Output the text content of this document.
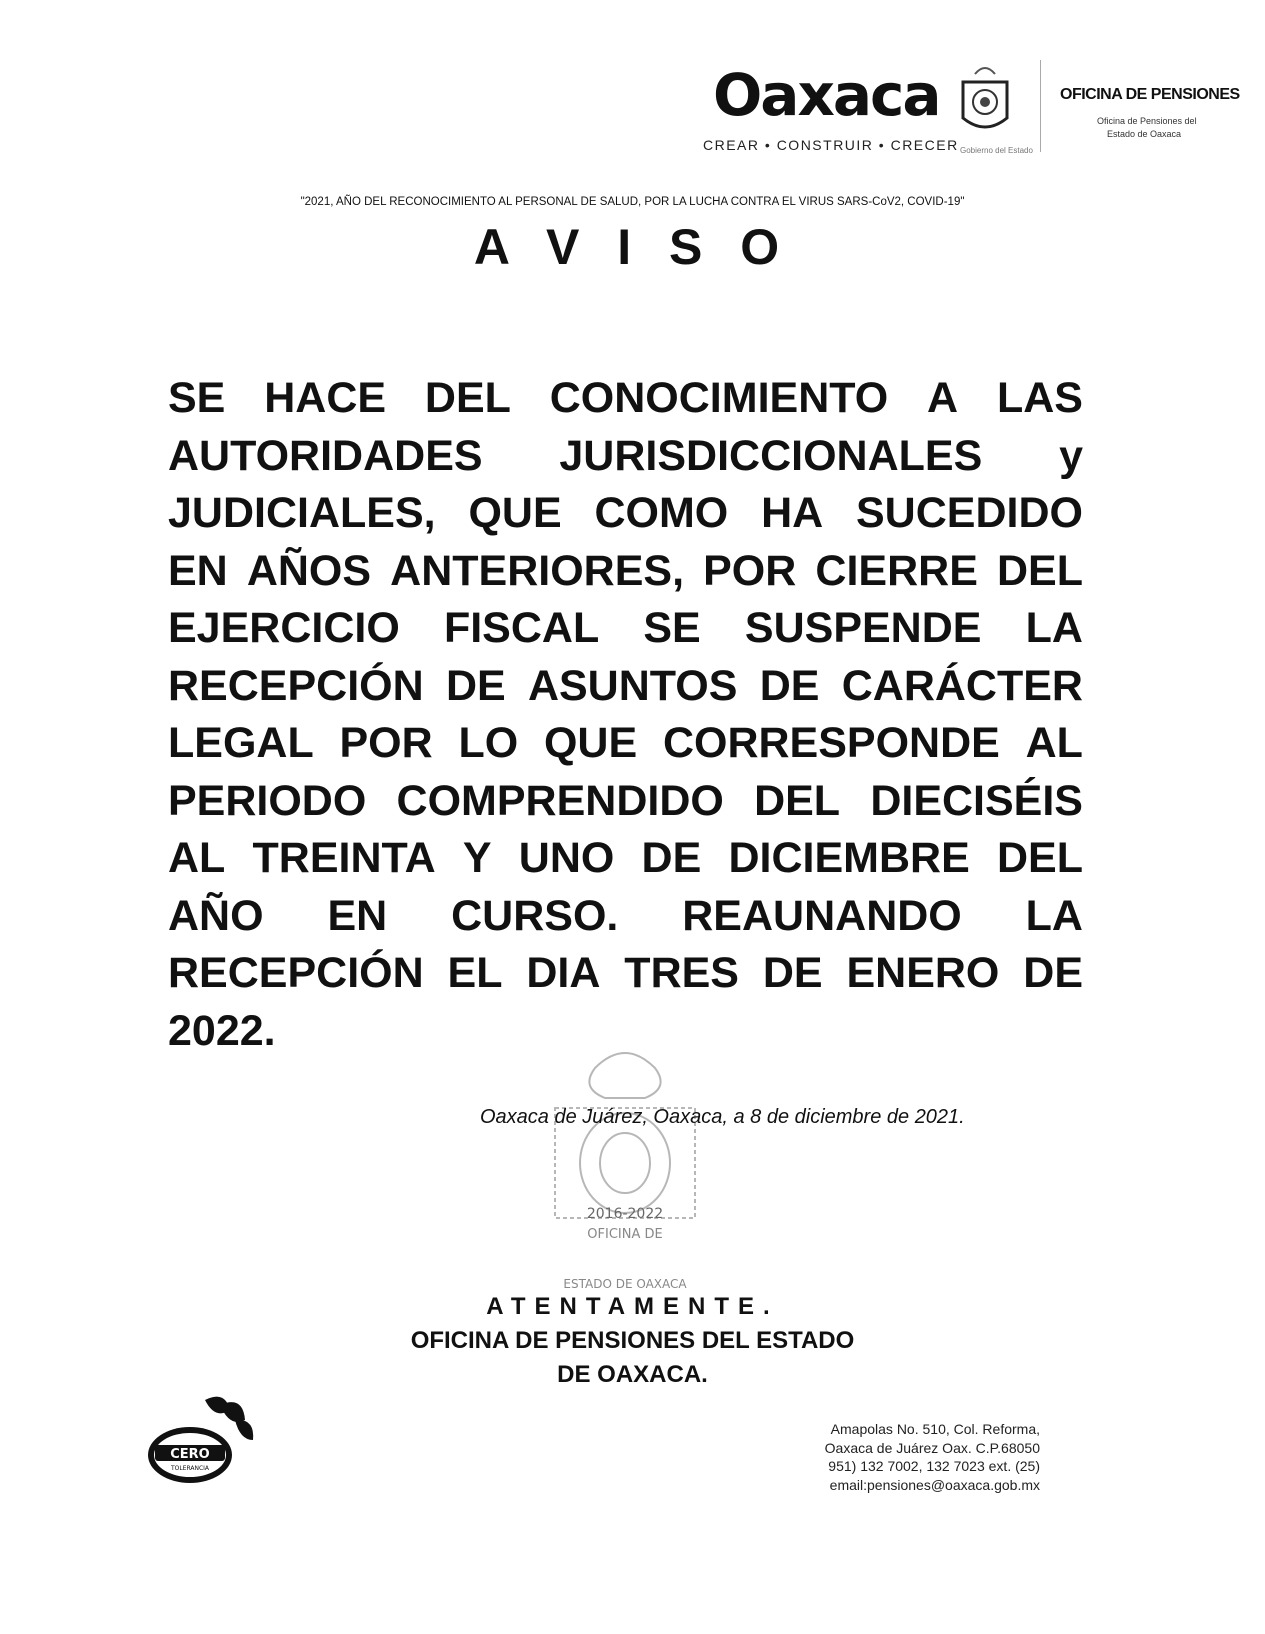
Oaxaca
CREAR • CONSTRUIR • CRECER Gobierno del Estado
OFICINA DE PENSIONES
Oficina de Pensiones del
Estado de Oaxaca
"2021, AÑO DEL RECONOCIMIENTO AL PERSONAL DE SALUD, POR LA LUCHA CONTRA EL VIRUS SARS-CoV2, COVID-19"
A V I S O
SE HACE DEL CONOCIMIENTO A LAS
AUTORIDADES JURISDICCIONALES y
JUDICIALES, QUE COMO HA SUCEDIDO
EN AÑOS ANTERIORES, POR CIERRE DEL
EJERCICIO FISCAL SE SUSPENDE LA
RECEPCIÓN DE ASUNTOS DE CARÁCTER
LEGAL POR LO QUE CORRESPONDE AL
PERIODO COMPRENDIDO DEL DIECISÉIS
AL TREINTA Y UNO DE DICIEMBRE DEL
AÑO EN CURSO. REAUNANDO LA
RECEPCIÓN EL DIA TRES DE ENERO DE
2022.
2016-2022
OFICINA DE
ESTADO DE OAXACA
Oaxaca de Juárez, Oaxaca, a 8 de diciembre de 2021.
ATENTAMENTE.
OFICINA DE PENSIONES DEL ESTADO
DE OAXACA.
CERO
TOLERANCIA
Amapolas No. 510, Col. Reforma,
Oaxaca de Juárez Oax. C.P.68050
951) 132 7002, 132 7023 ext. (25)
email:pensiones@oaxaca.gob.mx
